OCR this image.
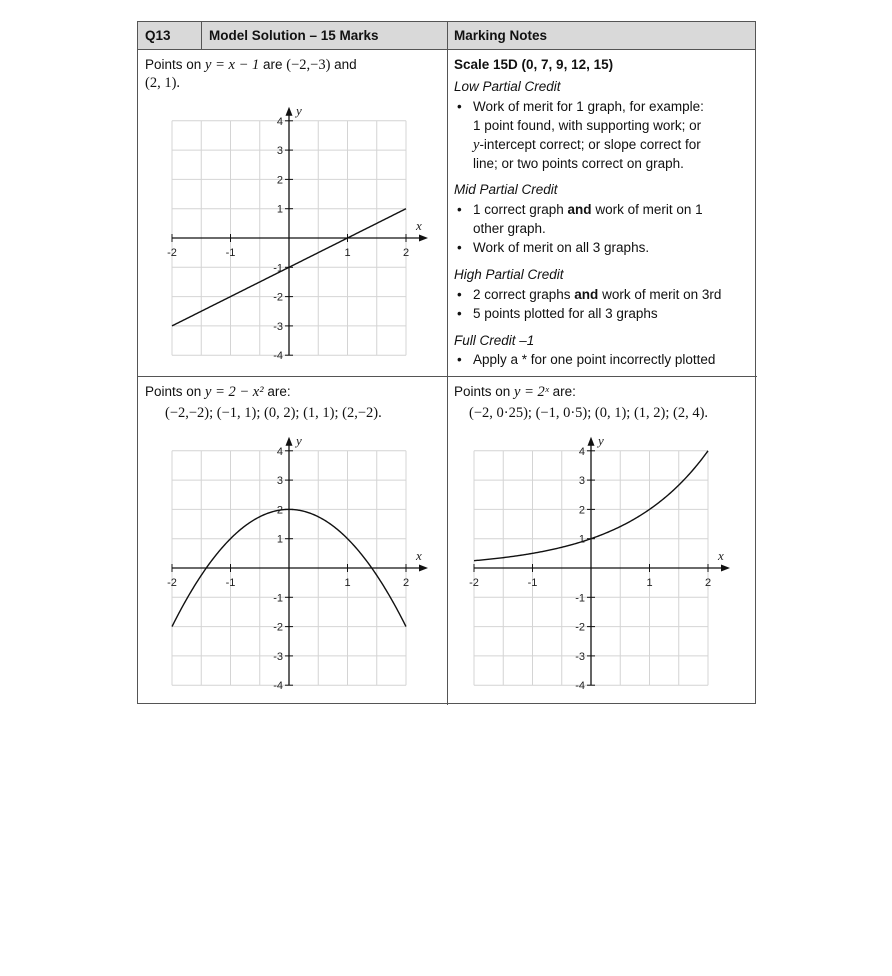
Q13	Model Solution – 15 Marks	Marking Notes
Points on y = x − 1 are (−2,−3) and
(2, 1).
Scale 15D (0, 7, 9, 12, 15)
Low Partial Credit
• Work of merit for 1 graph, for example:
1 point found, with supporting work; or
y-intercept correct; or slope correct for
line; or two points correct on graph.
Mid Partial Credit
• 1 correct graph and work of merit on 1
other graph.
• Work of merit on all 3 graphs.
High Partial Credit
• 2 correct graphs and work of merit on 3rd
• 5 points plotted for all 3 graphs
Full Credit –1
• Apply a * for one point incorrectly plotted
Points on y = 2 − x² are:
(−2,−2); (−1, 1); (0, 2); (1, 1); (2,−2).
Points on y = 2ˣ are:
(−2, 0·25); (−1, 0·5); (0, 1); (1, 2); (2, 4).
x
y
-2	-1	1	2
4
3
2
1
-1
-2
-3
-4
x
y
-2	-1	1	2
4
3
2
1
-1
-2
-3
-4
x
y
-2	-1	1	2
4
3
2
1
-1
-2
-3
-4
